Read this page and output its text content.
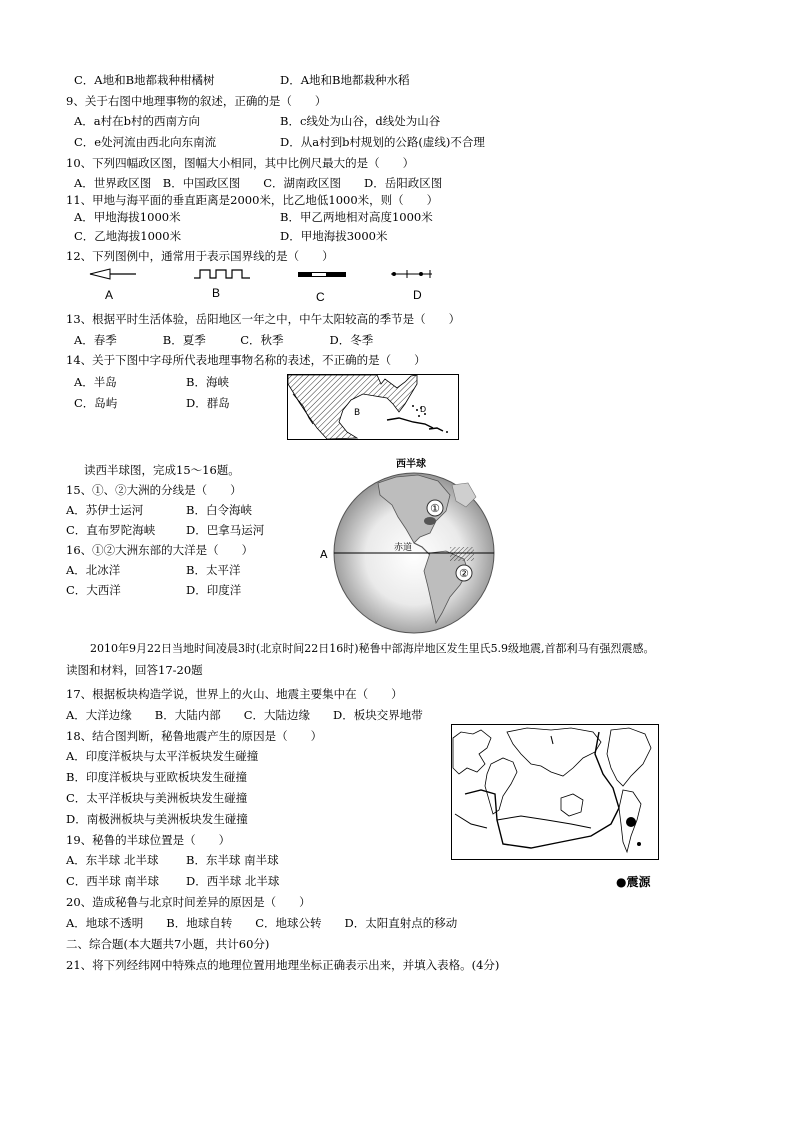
C．A地和B地都栽种柑橘树	D．A地和B地都栽种水稻
9、关于右图中地理事物的叙述，正确的是（　　）
A．a村在b村的西南方向	B．c线处为山谷，d线处为山谷
C．e处河流由西北向东南流	D．从a村到b村规划的公路(虚线)不合理
10、下列四幅政区图，图幅大小相同，其中比例尺最大的是（　　）
A．世界政区图　B．中国政区图　　C．湖南政区图　　D．岳阳政区图
11、甲地与海平面的垂直距离是2000米，比乙地低1000米，则（　　）
A．甲地海拔1000米	B．甲乙两地相对高度1000米
C．乙地海拔1000米	D．甲地海拔3000米
12、下列图例中，通常用于表示国界线的是（　　）
A	B	C	D
13、根据平时生活体验，岳阳地区一年之中，中午太阳较高的季节是（　　）
A．春季　　　　B．夏季　　　C．秋季　　　　D．冬季
14、关于下图中字母所代表地理事物名称的表述，不正确的是（　　）
A．半岛	B．海峡
C．岛屿	D．群岛
B	D
读西半球图，完成15～16题。
15、①、②大洲的分线是（　　）
A．苏伊士运河	B．白令海峡
C．直布罗陀海峡	D．巴拿马运河
16、①②大洲东部的大洋是（　　）
A．北冰洋	B．太平洋
C．大西洋	D．印度洋
西半球
①
②
赤道
A
2010年9月22日当地时间凌晨3时(北京时间22日16时)秘鲁中部海岸地区发生里氏5.9级地震,首都利马有强烈震感。
读图和材料，回答17-20题
17、根据板块构造学说，世界上的火山、地震主要集中在（　　）
A．大洋边缘　　B．大陆内部　　C．大陆边缘　　D．板块交界地带
18、结合图判断，秘鲁地震产生的原因是（　　）
A．印度洋板块与太平洋板块发生碰撞
B．印度洋板块与亚欧板块发生碰撞
C．太平洋板块与美洲板块发生碰撞
D．南极洲板块与美洲板块发生碰撞
19、秘鲁的半球位置是（　　）
A．东半球 北半球 B．东半球 南半球
C．西半球 南半球 D．西半球 北半球	●震源
20、造成秘鲁与北京时间差异的原因是（　　）
A．地球不透明　　B．地球自转　　C．地球公转　　D．太阳直射点的移动
二、综合题(本大题共7小题，共计60分)
21、将下列经纬网中特殊点的地理位置用地理坐标正确表示出来，并填入表格。(4分)
